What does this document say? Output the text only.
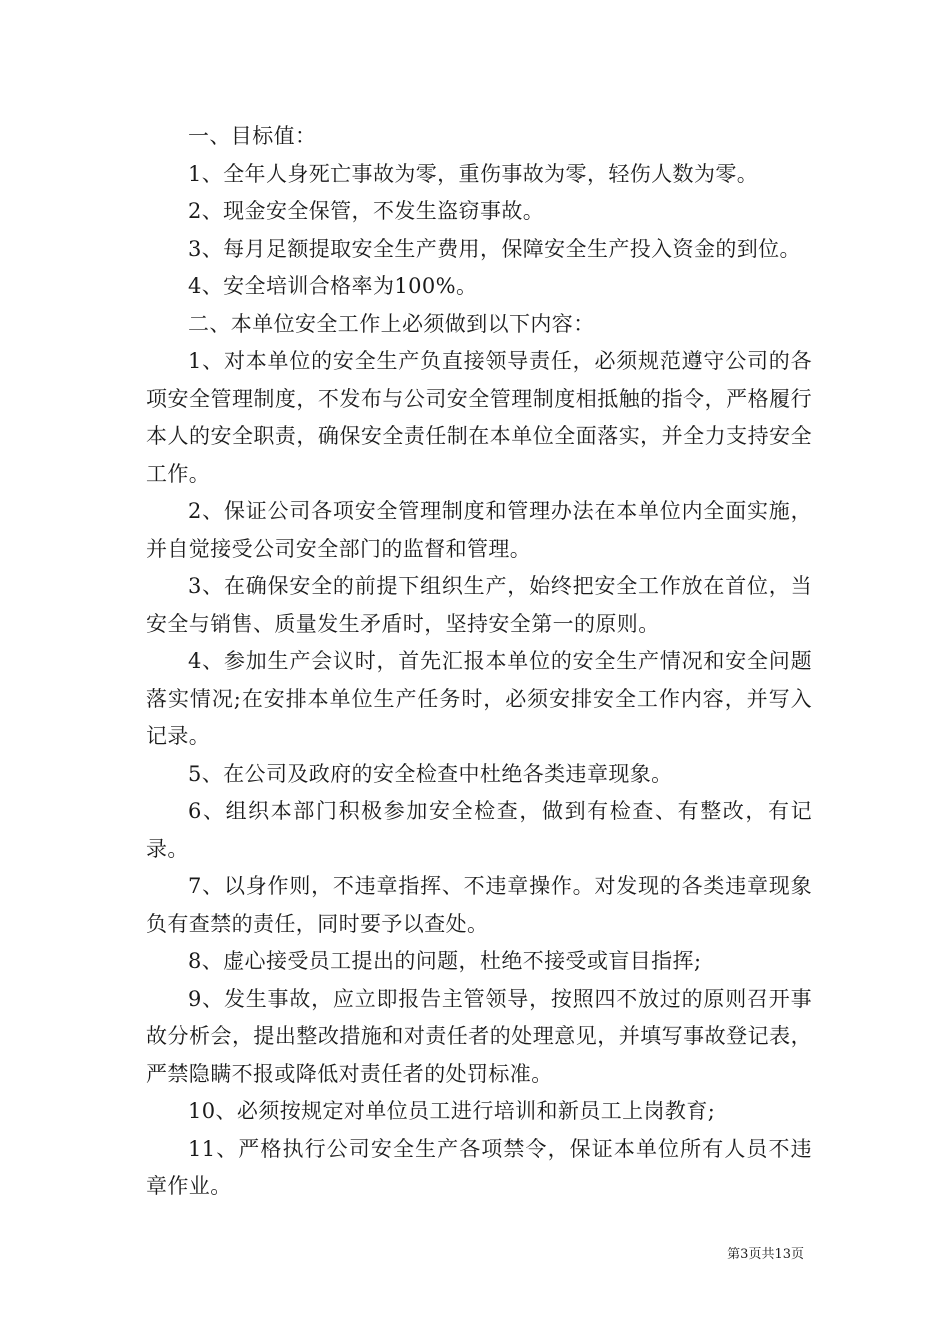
一、目标值：

1、全年人身死亡事故为零，重伤事故为零，轻伤人数为零。

2、现金安全保管，不发生盗窃事故。

3、每月足额提取安全生产费用，保障安全生产投入资金的到位。

4、安全培训合格率为100%。

二、本单位安全工作上必须做到以下内容：

1、对本单位的安全生产负直接领导责任，必须规范遵守公司的各项安全管理制度，不发布与公司安全管理制度相抵触的指令，严格履行本人的安全职责，确保安全责任制在本单位全面落实，并全力支持安全工作。

2、保证公司各项安全管理制度和管理办法在本单位内全面实施，并自觉接受公司安全部门的监督和管理。

3、在确保安全的前提下组织生产，始终把安全工作放在首位，当安全与销售、质量发生矛盾时，坚持安全第一的原则。

4、参加生产会议时，首先汇报本单位的安全生产情况和安全问题落实情况;在安排本单位生产任务时，必须安排安全工作内容，并写入记录。

5、在公司及政府的安全检查中杜绝各类违章现象。

6、组织本部门积极参加安全检查，做到有检查、有整改，有记录。

7、以身作则，不违章指挥、不违章操作。对发现的各类违章现象负有查禁的责任，同时要予以查处。

8、虚心接受员工提出的问题，杜绝不接受或盲目指挥;

9、发生事故，应立即报告主管领导，按照四不放过的原则召开事故分析会，提出整改措施和对责任者的处理意见，并填写事故登记表，严禁隐瞒不报或降低对责任者的处罚标准。

10、必须按规定对单位员工进行培训和新员工上岗教育;

11、严格执行公司安全生产各项禁令，保证本单位所有人员不违章作业。

第3页共13页
